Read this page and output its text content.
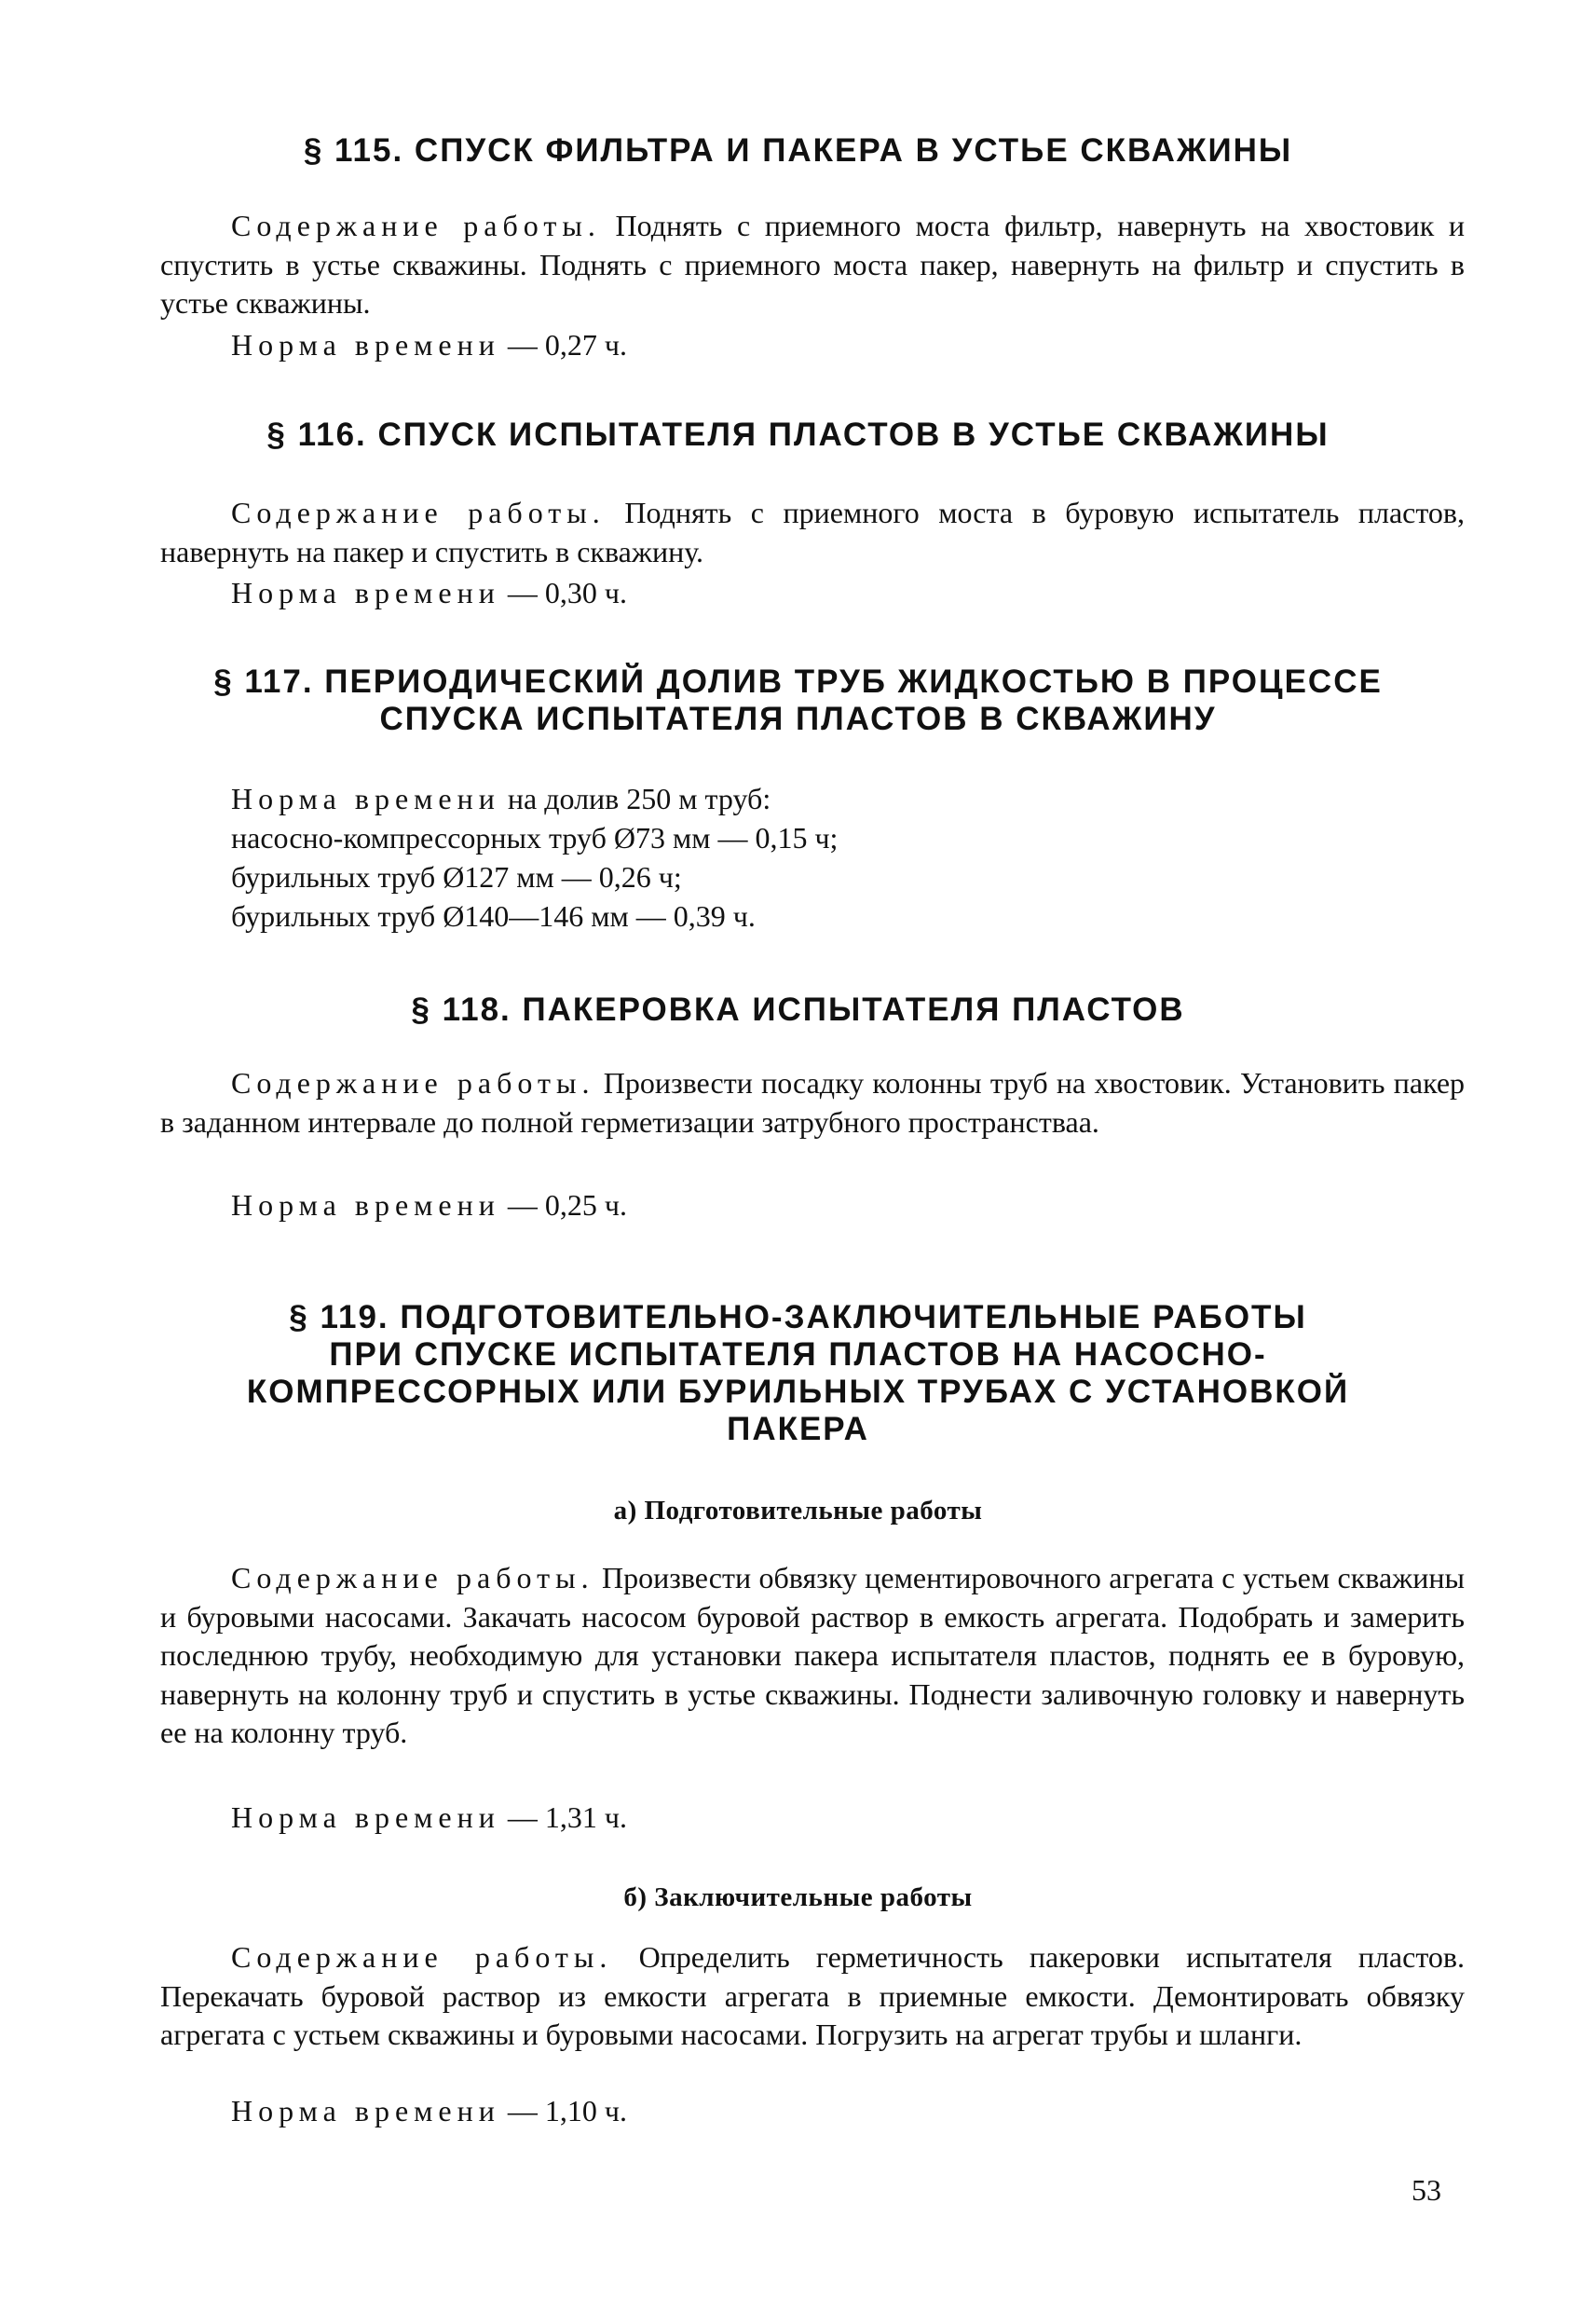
§ 115. СПУСК ФИЛЬТРА И ПАКЕРА В УСТЬЕ СКВАЖИНЫ

Содержание работы. Поднять с приемного моста фильтр, навернуть на хвостовик и спустить в устье скважины. Поднять с приемного моста пакер, навернуть на фильтр и спустить в устье скважины.

Норма времени — 0,27 ч.

§ 116. СПУСК ИСПЫТАТЕЛЯ ПЛАСТОВ В УСТЬЕ СКВАЖИНЫ

Содержание работы. Поднять с приемного моста в буровую испытатель пластов, навернуть на пакер и спустить в скважину.

Норма времени — 0,30 ч.

§ 117. ПЕРИОДИЧЕСКИЙ ДОЛИВ ТРУБ ЖИДКОСТЬЮ В ПРОЦЕССЕ
СПУСКА ИСПЫТАТЕЛЯ ПЛАСТОВ В СКВАЖИНУ
Норма времени на долив 250 м труб:
насосно-компрессорных труб Ø73 мм — 0,15 ч;
бурильных труб Ø127 мм — 0,26 ч;
бурильных труб Ø140—146 мм — 0,39 ч.
§ 118. ПАКЕРОВКА ИСПЫТАТЕЛЯ ПЛАСТОВ

Содержание работы. Произвести посадку колонны труб на хвостовик. Установить пакер в заданном интервале до полной герметизации затрубного пространстваа.

Норма времени — 0,25 ч.

§ 119. ПОДГОТОВИТЕЛЬНО-ЗАКЛЮЧИТЕЛЬНЫЕ РАБОТЫ
ПРИ СПУСКЕ ИСПЫТАТЕЛЯ ПЛАСТОВ НА НАСОСНО-
КОМПРЕССОРНЫХ ИЛИ БУРИЛЬНЫХ ТРУБАХ С УСТАНОВКОЙ
ПАКЕРА
а) Подготовительные работы

Содержание работы. Произвести обвязку цементировочного агрегата с устьем скважины и буровыми насосами. Закачать насосом буровой раствор в емкость агрегата. Подобрать и замерить последнюю трубу, необходимую для установки пакера испытателя пластов, поднять ее в буровую, навернуть на колонну труб и спустить в устье скважины. Поднести заливочную головку и навернуть ее на колонну труб.

Норма времени — 1,31 ч.

б) Заключительные работы

Содержание работы. Определить герметичность пакеровки испытателя пластов. Перекачать буровой раствор из емкости агрегата в приемные емкости. Демонтировать обвязку агрегата с устьем скважины и буровыми насосами. Погрузить на агрегат трубы и шланги.

Норма времени — 1,10 ч.

53
